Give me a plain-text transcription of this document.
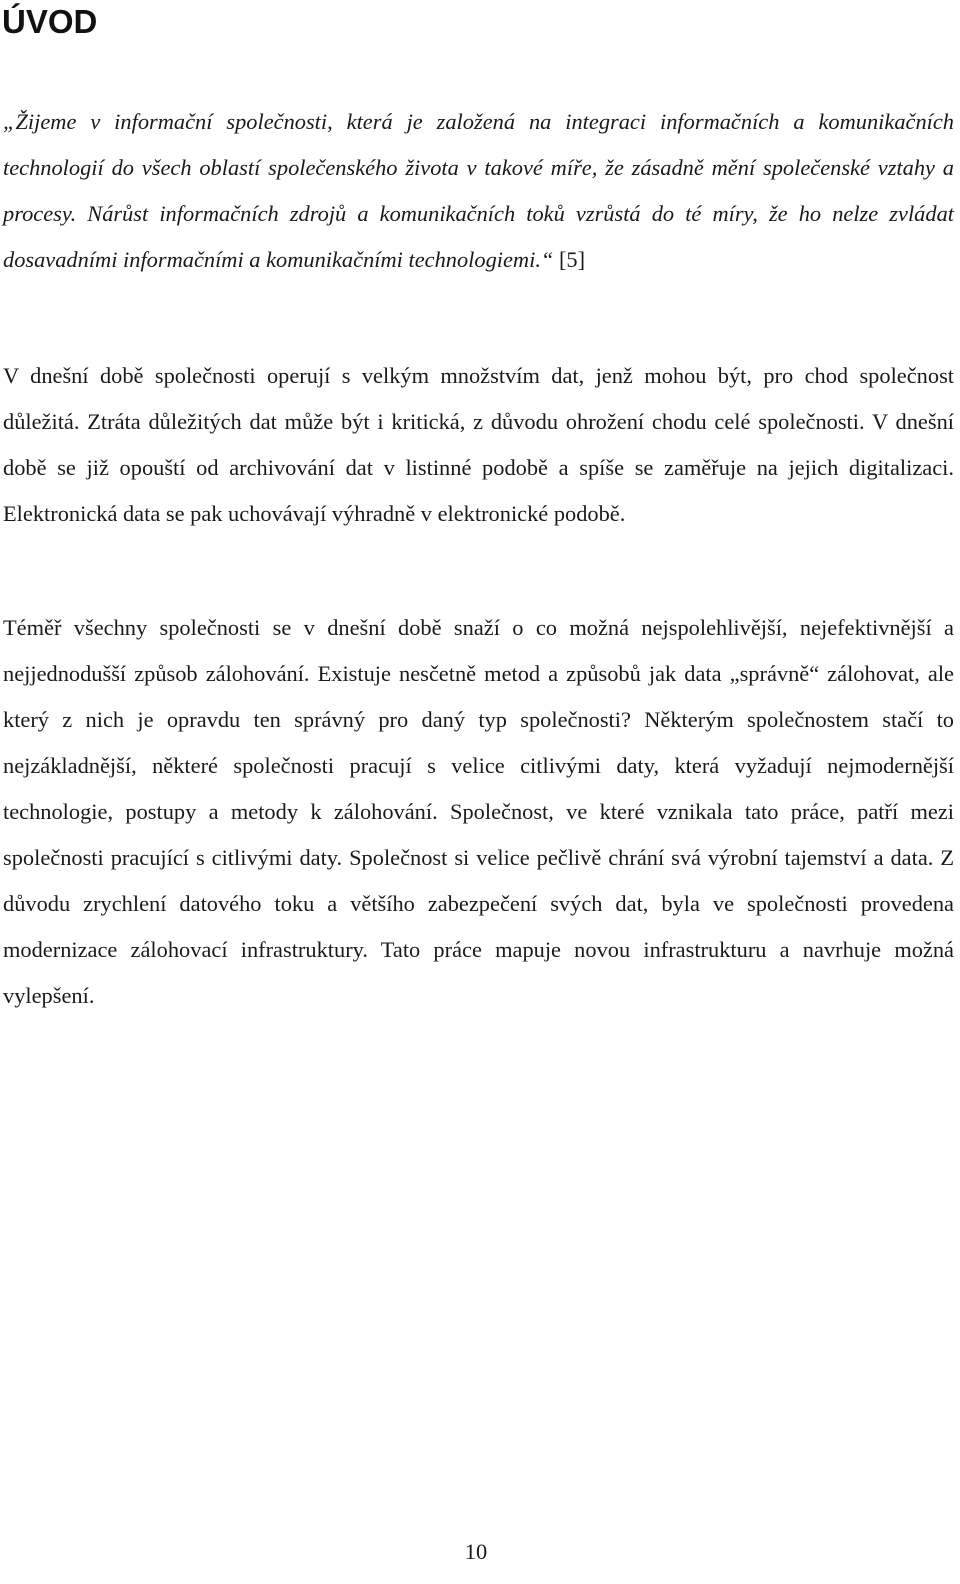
ÚVOD

„Žijeme v informační společnosti, která je založená na integraci informačních a komunikačních technologií do všech oblastí společenského života v takové míře, že zásadně mění společenské vztahy a procesy. Nárůst informačních zdrojů a komunikačních toků vzrůstá do té míry, že ho nelze zvládat dosavadními informačními a komunikačními technologiemi.“ [5]

V dnešní době společnosti operují s velkým množstvím dat, jenž mohou být, pro chod společnost důležitá. Ztráta důležitých dat může být i kritická, z důvodu ohrožení chodu celé společnosti. V dnešní době se již opouští od archivování dat v listinné podobě a spíše se zaměřuje na jejich digitalizaci. Elektronická data se pak uchovávají výhradně v elektronické podobě.

Téměř všechny společnosti se v dnešní době snaží o co možná nejspolehlivější, nejefektivnější a nejjednodušší způsob zálohování. Existuje nesčetně metod a způsobů jak data „správně“ zálohovat, ale který z nich je opravdu ten správný pro daný typ společnosti? Některým společnostem stačí to nejzákladnější, některé společnosti pracují s velice citlivými daty, která vyžadují nejmodernější technologie, postupy a metody k zálohování. Společnost, ve které vznikala tato práce, patří mezi společnosti pracující s citlivými daty. Společnost si velice pečlivě chrání svá výrobní tajemství a data. Z důvodu zrychlení datového toku a většího zabezpečení svých dat, byla ve společnosti provedena modernizace zálohovací infrastruktury. Tato práce mapuje novou infrastrukturu a navrhuje možná vylepšení.

10
